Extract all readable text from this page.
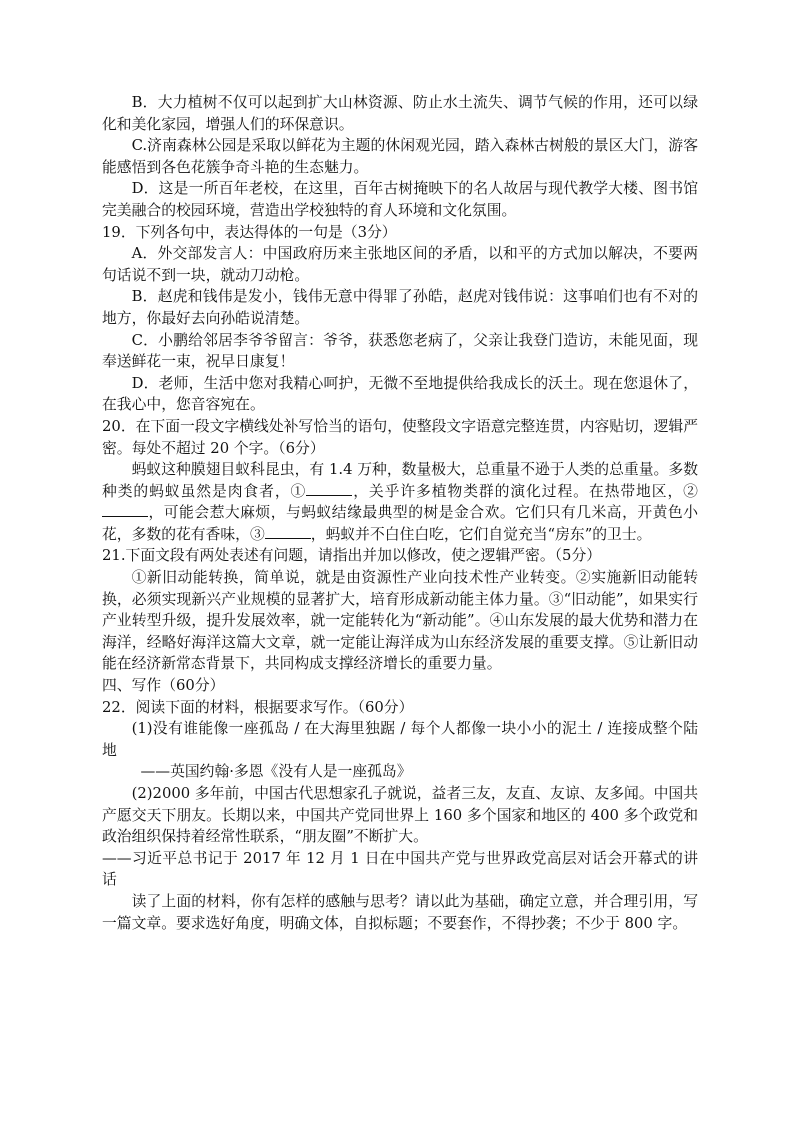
B．大力植树不仅可以起到扩大山林资源、防止水土流失、调节气候的作用，还可以绿化和美化家园，增强人们的环保意识。

C.济南森林公园是采取以鲜花为主题的休闲观光园，踏入森林古树般的景区大门，游客能感悟到各色花簇争奇斗艳的生态魅力。

D．这是一所百年老校，在这里，百年古树掩映下的名人故居与现代教学大楼、图书馆完美融合的校园环境，营造出学校独特的育人环境和文化氛围。

19．下列各句中，表达得体的一句是（3分）

A．外交部发言人：中国政府历来主张地区间的矛盾，以和平的方式加以解决，不要两句话说不到一块，就动刀动枪。

B．赵虎和钱伟是发小，钱伟无意中得罪了孙皓，赵虎对钱伟说：这事咱们也有不对的地方，你最好去向孙皓说清楚。

C．小鹏给邻居李爷爷留言：爷爷，获悉您老病了，父亲让我登门造访，未能见面，现奉送鲜花一束，祝早日康复！

D．老师，生活中您对我精心呵护，无微不至地提供给我成长的沃土。现在您退休了，在我心中，您音容宛在。

20．在下面一段文字横线处补写恰当的语句，使整段文字语意完整连贯，内容贴切，逻辑严密。每处不超过 20 个字。（6分）

蚂蚁这种膜翅目蚁科昆虫，有 1.4 万种，数量极大，总重量不逊于人类的总重量。多数种类的蚂蚁虽然是肉食者，①	，关乎许多植物类群的演化过程。在热带地区，②，可能会惹大麻烦，与蚂蚁结缘最典型的树是金合欢。它们只有几米高，开黄色小花，多数的花有香味，③	，蚂蚁并不白住白吃，它们自觉充当“房东”的卫士。

21.下面文段有两处表述有问题，请指出并加以修改，使之逻辑严密。（5分）

①新旧动能转换，简单说，就是由资源性产业向技术性产业转变。②实施新旧动能转换，必须实现新兴产业规模的显著扩大，培育形成新动能主体力量。③“旧动能”，如果实行产业转型升级，提升发展效率，就一定能转化为“新动能”。④山东发展的最大优势和潜力在海洋，经略好海洋这篇大文章，就一定能让海洋成为山东经济发展的重要支撑。⑤让新旧动能在经济新常态背景下，共同构成支撑经济增长的重要力量。

四、写作（60分）

22．阅读下面的材料，根据要求写作。（60分）

(1)没有谁能像一座孤岛 / 在大海里独踞 / 每个人都像一块小小的泥土 / 连接成整个陆地

——英国约翰·多恩《没有人是一座孤岛》

(2)2000 多年前，中国古代思想家孔子就说，益者三友，友直、友谅、友多闻。中国共产愿交天下朋友。长期以来，中国共产党同世界上 160 多个国家和地区的 400 多个政党和政治组织保持着经常性联系，“朋友圈”不断扩大。

——习近平总书记于 2017 年 12 月 1 日在中国共产党与世界政党高层对话会开幕式的讲话

读了上面的材料，你有怎样的感触与思考？请以此为基础，确定立意，并合理引用，写一篇文章。要求选好角度，明确文体，自拟标题；不要套作，不得抄袭；不少于 800 字。
